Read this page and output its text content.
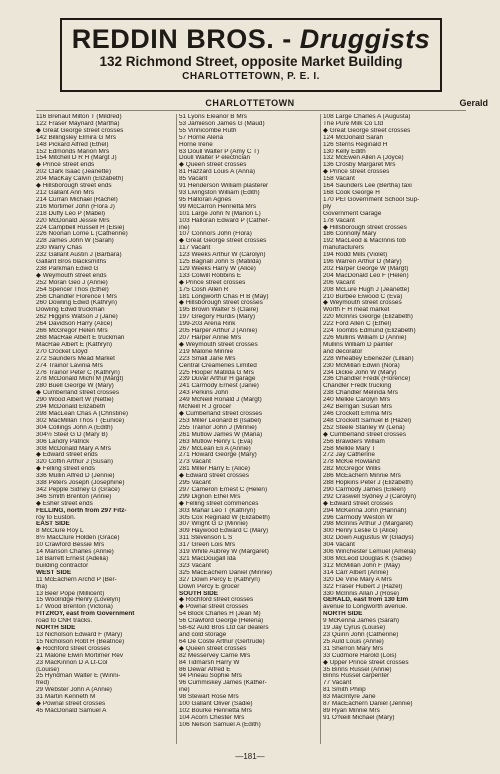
REDDIN BROS. - Druggists
132 Richmond Street, opposite Market Building
CHARLOTTETOWN, P. E. I.
CHARLOTTETOWN	Gerald
116 Brehaut Milton T (Mildred)
122 Fraser Maynard (Martha)
◆ Great George street crosses
142 Billingsley Elmira G Mrs
148 Pickard Alfred (Ethel)
152 Edmonds Marion Mrs
154 Mitchell D R H (Margt J)
◆ Prince street ends
202 Clark Isaac (Jeanette)
204 MacKay Calvin (Elizabeth)
◆ Hillsborough street ends
212 Gallant Ann Mrs
214 Curran Michael (Rachel)
216 Mortimer John (Flora J)
218 Duffy Leo P (Mabel)
220 McDonald Jessie Mrs
224 Campbell Russell H (Elsie)
226 Noonan Lorne L (Catherine)
228 James John W (Sarah)
230 Warry Chas
232 Gallant Austin J (Barbara)
Gallant Bros blacksmiths
238 Parkman Edwd G
◆ Weymouth street ends
252 Moran Geo J (Annie)
254 Spencer Thos (Ethel)
256 Chandler Florence I Mrs
260 Dowling Edwd (Kathryn)
Dowling Edwd truckman
262 Higgins Watson J (Jane)
264 Davidson Harry (Alice)
266 McGregor Helen Mrs
268 MacRae Albert E truckman
MacRae Albert E (Kathryn)
270 Crocket Lloyd
272 Saunders Mead Market
274 Trainor Lavinia Mrs
276 Trainor Peter C (Kathryn)
278 McDonald Michl M (Margt)
280 Buell George W (Mary)
◆ Cumberland street crosses
290 Wood Albert W (Nettie)
294 McDonald Elizabeth
298 MacLean Chas A (Christine)
302 MacMillan Thos T (Eunice)
304 Collings John A (Edith)
304½ Steel G D (Mary B)
306 Landry Patrick
308 McDonald Mary A Mrs
◆ Edward street ends
320 Coffin Arthur J (Susan)
◆ Felling street ends
336 Mullin Alfred D (Jennie)
338 Peters Joseph (Josephine)
342 Pepple Sidney G (Grace)
346 Smith Brenton (Annie)
◆ Esher street ends
FELLING, north from 297 Fitz-
roy to Euston.
EAST SIDE
8 McClure Roy L
8½ MacClure Holden (Grace)
10 Crawford Bessie Mrs
14 Manson Charles (Annie)
18 Barrett Ernest (Adelia)
building contractor
WEST SIDE
11 McEachern Archd P (Ber-
tha)
13 Beer Pope (Millicent)
15 Woolridge Henry (Lovelyn)
17 Wood Brenton (Victoria)
FITZROY, east from Government
road to CNR tracks.
NORTH SIDE
13 Nicholson Edward F (Mary)
15 Nicholson Robt H (Beatrice)
◆ Rochford street crosses
21 Malone Elwin Mortimer Rev
23 MacKinnon D A Lt-Col
(Louise)
25 Hyndman Walter E (Winni-
fred)
29 Webster John A (Annie)
31 Martin Kenneth M
◆ Pownal street crosses
45 MacDonald Samuel A
51 Lyons Eleanor B Mrs
53 Jamieson James G (Maud)
55 Vinnicombe Ruth
57 Horne Alena
Horne Irene
63 Doull Walter P (Amy C T)
Doull Walter P electrician
◆ Queen street crosses
81 Hazzard Louis A (Anna)
85 Vacant
91 Henderson William plasterer
93 Livingston William (Edith)
95 Halloran Agnes
99 McCarron Henrietta Mrs
101 Large John N (Marion L)
103 Halloran Edward P (Cather-
ine)
107 Connors John (Flora)
◆ Great George street crosses
117 Vacant
123 Weeks Arthur W (Carolyn)
125 Bagnall John S (Matilda)
129 Weeks Harry W (Alice)
133 Colwill Robbins E
◆ Prince street crosses
175 Cosh Allen R
181 Longworth Chas H B (May)
◆ Hillsborough street crosses
195 Brown Walter S (Claire)
197 Gregory Hurdis (Mary)
199-203 Arena Rink
205 Harper Arthur J (Annie)
207 Harper Annie Mrs
◆ Weymouth street crosses
219 Malone Minnie
223 Small Jane Mrs
Central Creameries Limited
225 Hooper Matilda G Mrs
239 Duvar Arthur H garage
241 Carmody Ernest (Janie)
243 Perkins John
249 McNeill Ronald J (Margt)
McNeill R J grocer
◆ Cumberland street crosses
253 Miller Leonard B (Isabel)
255 Trainor John J (Minnie)
261 Mutlow James W (Maria)
263 Mutlow Henry L (Eva)
267 McLean Eli A (Annie)
271 Howard George (Mary)
273 Vacant
281 Miller Harry E (Alice)
◆ Edward street crosses
295 Vacant
297 Cameron Ernest C (Helen)
299 Dignon Ethel Mrs
◆ Felling street commences
303 Mahar Leo T (Kathryn)
305 Cox Reginald W (Elizabeth)
307 Wright G D (Minnie)
309 Haywood Edward C (Mary)
311 Stevenson L S
317 Green Lois Mrs
319 White Aubrey W (Margaret)
321 MacDougall Ida
323 Vacant
325 MacEachern Daniel (Minnie)
327 Down Percy E (Kathryn)
Down Percy E grocer
SOUTH SIDE
◆ Rochford street crosses
◆ Pownal street crosses
54 Block Charles H (Jean M)
56 Crawford George (Helena)
58-62 Auld Bros Ltd car dealers
and cold storage
64 De Coste Arthur (Gertrude)
◆ Queen street crosses
82 Messervey Carrie Mrs
84 Tidmarsh Harry W
86 Dewar Alfred E
94 Pineau Sophie Mrs
96 Cummiskey James (Kather-
ine)
98 Stewart Rose Mrs
100 Gallant Oliver (Sadie)
102 Bourke Henrietta Mrs
104 Acorn Chester Mrs
106 Nelson Samuel A (Edith)
108 Large Charles A (Augusta)
The Pure Milk Co Ltd
◆ Great George street crosses
124 McDonald Sarah
126 Sterns Reginald H
130 Kelly Edith
132 McEwen Allen A (Joyce)
136 Crosby Margaret Mrs
◆ Prince street crosses
158 Vacant
164 Saunders Lee (Bertha) taxi
168 Cook George H
170 PEI Government School Sup-
ply
Government Garage
178 Vacant
◆ Hillsborough street crosses
186 Connolly Mary
192 MacLeod & MacInnis tob
manufacturers
194 Rodd Mills (Violet)
196 Warren Arthur D (Mary)
202 Harper George W (Margt)
204 MacDonald Leo F (Helen)
206 Vacant
208 McLure Hugh J (Jeanette)
210 Burbee Elwood C (Eva)
◆ Weymouth street crosses
Worth F H meat market
220 McInnis George (Elizabeth)
222 Ford Allen C (Ethel)
224 Toombs Edmund (Elizabeth)
226 Mullins William D (Annie)
Mullins William D painter
and decorator
228 Wheatley Ebenezer (Lillian)
230 McMillan Edwin (Nora)
234 Dickie John W (Mary)
236 Chandler Fredk (Florence)
Chandler Fredk trucking
238 Chandler Melinda Mrs
240 Melkle Carolyn Mrs
242 Berrigan Susan Mrs
246 Crockett Emma Mrs
248 Crockett Samuel B (Hazel)
252 Steele Stanley W (Lena)
◆ Cumberland street crosses
256 Brawders William
258 Melkle Mary T
272 Jay Catherine
278 McKie Rowland
282 McGregor Willis
286 McEachern Minnie Mrs
288 Hopkins Peter J (Elizabeth)
290 Carmody James (Eileen)
292 Craswell Sydney J (Carolyn)
◆ Edward street crosses
294 McKenna John (Hannah)
296 Carmody Weston W
298 McInnis Arthur J (Margaret)
300 Henry Leslie G (Alice)
302 Down Augustus W (Gladys)
304 Vacant
306 Winchester Lemuel (Amelia)
308 McLeod Douglas K (Sadie)
312 McMillan John F (May)
314 Carr Albert (Annie)
320 De Vine Mary A Mrs
322 Fraser Hubert J (Hazel)
330 McInnis Allan J (Rose)
GERALD, east from 130 Elm
avenue to Longworth avenue.
NORTH SIDE
9 McKenna James (Sarah)
19 Jay Cyrus (Louise)
23 Quinn John (Catherine)
25 Auld Louis (Annie)
31 Sherron Mary Mrs
33 Cudmore Harold (Lois)
◆ Upper Prince street crosses
35 Binns Russel (Annie)
Binns Russel carpenter
77 Vacant
81 Smith Philip
83 MacIntyre Jane
87 MacEachern Daniel (Jennie)
89 Ryan Minnie Mrs
91 O'Neill Michael (Mary)
—181—
